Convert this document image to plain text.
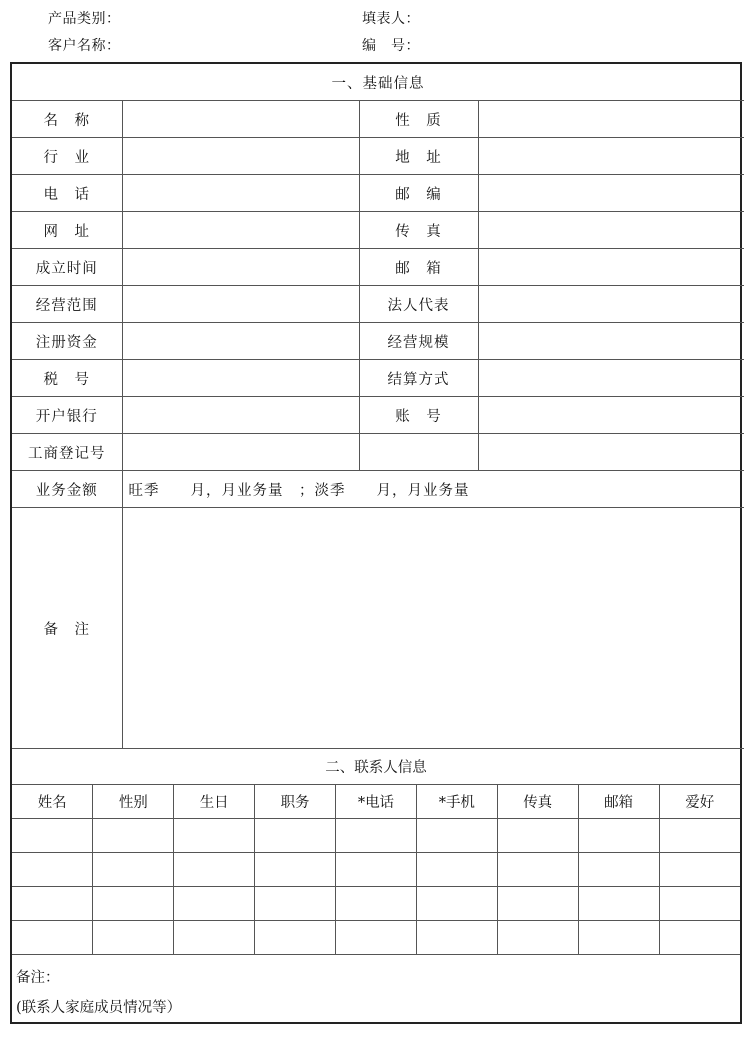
产品类别：	填表人：
客户名称：	编　号：
一、基础信息			
名　称		性　质	
行　业		地　址	
电　话		邮　编	
网　址		传　真	
成立时间		邮　箱	
经营范围		法人代表	
注册资金		经营规模	
税　号		结算方式	
开户银行		账　号	
工商登记号			
业务金额	旺季　　月，月业务量　；淡季　　月，月业务量		
备　注			
二、联系人信息								
姓名	性别	生日	职务	*电话	*手机	传真	邮箱	爱好

备注：
(联系人家庭成员情况等）
